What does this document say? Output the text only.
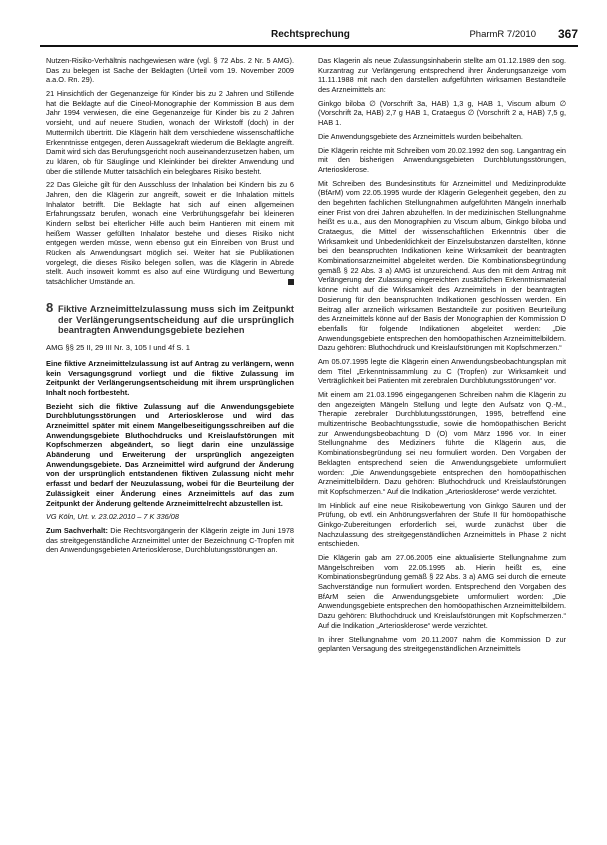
Rechtsprechung	PharmR 7/2010 367

Nutzen-Risiko-Verhältnis nachgewiesen wäre (vgl. § 72 Abs. 2 Nr. 5 AMG). Das zu belegen ist Sache der Beklagten (Urteil vom 19. November 2009 a.a.O. Rn. 29).

21 Hinsichtlich der Gegenanzeige für Kinder bis zu 2 Jahren und Stillende hat die Beklagte auf die Cineol-Monographie der Kommission B aus dem Jahr 1994 verwiesen, die eine Gegenanzeige für Kinder bis zu 2 Jahren vorsieht, und auf neuere Studien, wonach der Wirkstoff (doch) in der Muttermilch übertritt. Die Klägerin hält dem verschiedene wissenschaftliche Erkenntnisse entgegen, deren Aussagekraft wiederum die Beklagte angreift. Damit wird sich das Berufungsgericht noch auseinanderzusetzen haben, um zu klären, ob für Säuglinge und Kleinkinder bei direkter Anwendung und über die stillende Mutter tatsächlich ein belegbares Risiko besteht.

22 Das Gleiche gilt für den Ausschluss der Inhalation bei Kindern bis zu 6 Jahren, den die Klägerin zur angreift, soweit er die Inhalation mittels Inhalator betrifft. Die Beklagte hat sich auf einen allgemeinen Erfahrungssatz berufen, wonach eine Verbrühungsgefahr bei kleineren Kindern selbst bei elterlicher Hilfe auch beim Hantieren mit einem mit heißem Wasser gefüllten Inhalator bestehe und dieses Risiko nicht entgegen werden müsse, wenn ebenso gut ein Einreiben von Brust und Rücken als Anwendungsart möglich sei. Weiter hat sie Publikationen vorgelegt, die dieses Risiko belegen sollen, was die Klägerin in Abrede stellt. Auch insoweit kommt es also auf eine Würdigung und Bewertung tatsächlicher Umstände an.

8 Fiktive Arzneimittelzulassung muss sich im Zeitpunkt der Verlängerungsentscheidung auf die ursprünglich beantragten Anwendungsgebiete beziehen
AMG §§ 25 II, 29 III Nr. 3, 105 I und 4f S. 1

Eine fiktive Arzneimittelzulassung ist auf Antrag zu verlängern, wenn kein Versagungsgrund vorliegt und die fiktive Zulassung im Zeitpunkt der Verlängerungsentscheidung mit ihrem ursprünglichen Inhalt noch fortbesteht.

Bezieht sich die fiktive Zulassung auf die Anwendungsgebiete Durchblutungsstörungen und Arteriosklerose und wird das Arzneimittel später mit einem Mangelbeseitigungsschreiben auf die Anwendungsgebiete Bluthochdrucks und Kreislaufstörungen mit Kopfschmerzen abgeändert, so liegt darin eine unzulässige Abänderung und Erweiterung der ursprünglich angezeigten Anwendungsgebiete. Das Arzneimittel wird aufgrund der Änderung von der ursprünglich entstandenen fiktiven Zulassung nicht mehr erfasst und bedarf der Neuzulassung, wobei für die Beurteilung der Zulässigkeit einer Änderung eines Arzneimittels auf das zum Zeitpunkt der Änderung geltende Arzneimittelrecht abzustellen ist.

VG Köln, Urt. v. 23.02.2010 – 7 K 336/08

Zum Sachverhalt: Die Rechtsvorgängerin der Klägerin zeigte im Juni 1978 das streitgegenständliche Arzneimittel unter der Bezeichnung C-Tropfen mit den Anwendungsgebieten Arteriosklerose, Durchblutungsstörungen an.

Das Klagerin als neue Zulassungsinhaberin stellte am 01.12.1989 den sog. Kurzantrag zur Verlängerung entsprechend ihrer Änderungsanzeige vom 11.11.1988 mit nach den darstellen aufgeführten wirksamen Bestandteile des Arzneimittels an:

Ginkgo biloba ∅ (Vorschrift 3a, HAB) 1,3 g, HAB 1, Viscum album ∅ (Vorschrift 2a, HAB) 2,7 g HAB 1, Crataegus ∅ (Vorschrift 2 a, HAB) 7,5 g, HAB 1.

Die Anwendungsgebiete des Arzneimittels wurden beibehalten.

Die Klägerin reichte mit Schreiben vom 20.02.1992 den sog. Langantrag ein mit den bisherigen Anwendungsgebieten Durchblutungsstörungen, Arteriosklerose.

Mit Schreiben des Bundesinstituts für Arzneimittel und Medizinprodukte (BfArM) vom 22.05.1995 wurde der Klägerin Gelegenheit gegeben, den zu den begehrten fachlichen Stellungnahmen aufgeführten Mängeln innerhalb einer Frist von drei Jahren abzuhelfen. In der medizinischen Stellungnahme heißt es u.a., aus den Monographien zu Viscum album, Ginkgo biloba und Crataegus, die Mittel der wissenschaftlichen Erkenntnis über die Wirksamkeit und Unbedenklichkeit der Einzelsubstanzen darstellten, könne bei den beanspruchten Indikationen keine Wirksamkeit der beantragten Kombinationsarzneimittel abgeleitet werden. Die Kombinationsbegründung gemäß § 22 Abs. 3 a) AMG ist unzureichend. Aus den mit dem Antrag mit Verlängerung der Zulassung eingereichten zusätzlichen Erkenntnismaterial könne nicht auf die Wirksamkeit des Arzneimittels in der beantragten Dosierung für den beanspruchten Indikationen geschlossen werden. Ein Beitrag aller arzneilich wirksamen Bestandteile zur positiven Beurteilung des Arzneimittels könne auf der Basis der Monographien der Kommission D ebenfalls für folgende Indikationen abgeleitet werden: „Die Anwendungsgebiete entsprechen den homöopathischen Arzneimittelbildern. Dazu gehören: Bluthochdruck und Kreislaufstörungen mit Kopfschmerzen.“

Am 05.07.1995 legte die Klägerin einen Anwendungsbeobachtungsplan mit dem Titel „Erkenntnissammlung zu C (Tropfen) zur Wirksamkeit und Verträglichkeit bei Patienten mit zerebralen Durchblutungsstörungen“ vor.

Mit einem am 21.03.1996 eingegangenen Schreiben nahm die Klägerin zu den angezeigten Mängeln Stellung und legte den Aufsatz von Q.-M., Therapie zerebraler Durchblutungsstörungen, 1995, betreffend eine multizentrische Beobachtungsstudie, sowie die homöopathischen Bericht zur Anwendungsbeobachtung D (O) vom März 1996 vor. In einer Stellungnahme des Mediziners führte die Klägerin aus, die Kombinationsbegründung sei neu formuliert worden. Den Vorgaben der Beklagten entsprechend seien die Anwendungsgebiete umformuliert worden: „Die Anwendungsgebiete entsprechen den homöopathischen Arzneimittelbildern. Dazu gehören: Bluthochdruck und Kreislaufstörungen mit Kopfschmerzen.“ Auf die Indikation „Arteriosklerose“ werde verzichtet.

Im Hinblick auf eine neue Risikobewertung von Ginkgo Säuren und der Prüfung, ob evtl. ein Anhörungsverfahren der Stufe II für homöopathische Ginkgo-Zubereitungen erforderlich sei, wurde zunächst über die Nachzulassung des streitgegenständlichen Arzneimittels in Phase 2 nicht entschieden.

Die Klägerin gab am 27.06.2005 eine aktualisierte Stellungnahme zum Mängelschreiben vom 22.05.1995 ab. Hierin heißt es, eine Kombinationsbegründung gemäß § 22 Abs. 3 a) AMG sei durch die erneute Sachverständige nun formuliert worden. Entsprechend den Vorgaben des BfArM seien die Anwendungsgebiete umformuliert worden: „Die Anwendungsgebiete entsprechen den homöopathischen Arzneimittelbildern. Dazu gehören: Bluthochdruck und Kreislaufstörungen mit Kopfschmerzen.“ Auf die Indikation „Arteriosklerose“ werde verzichtet.

In ihrer Stellungnahme vom 20.11.2007 nahm die Kommission D zur geplanten Versagung des streitgegenständlichen Arzneimittels
